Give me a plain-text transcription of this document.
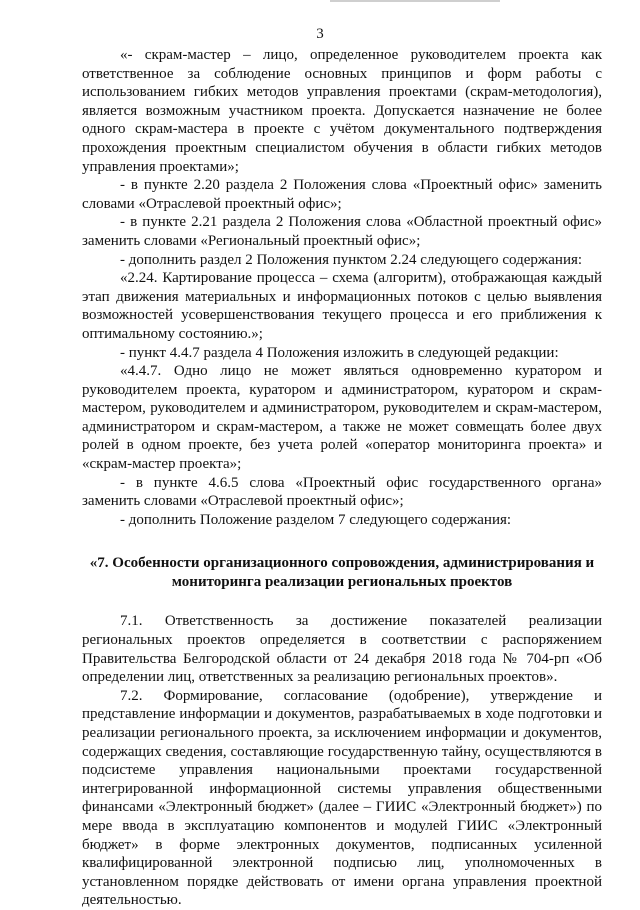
3

«- скрам-мастер – лицо, определенное руководителем проекта как ответственное за соблюдение основных принципов и форм работы с использованием гибких методов управления проектами (скрам-методология), является возможным участником проекта. Допускается назначение не более одного скрам-мастера в проекте с учётом документального подтверждения прохождения проектным специалистом обучения в области гибких методов управления проектами»;

- в пункте 2.20 раздела 2 Положения слова «Проектный офис» заменить словами «Отраслевой проектный офис»;

- в пункте 2.21 раздела 2 Положения слова «Областной проектный офис» заменить словами «Региональный проектный офис»;

- дополнить раздел 2 Положения пунктом 2.24 следующего содержания:

«2.24. Картирование процесса – схема (алгоритм), отображающая каждый этап движения материальных и информационных потоков с целью выявления возможностей усовершенствования текущего процесса и его приближения к оптимальному состоянию.»;

- пункт 4.4.7 раздела 4 Положения изложить в следующей редакции:

«4.4.7. Одно лицо не может являться одновременно куратором и руководителем проекта, куратором и администратором, куратором и скрам-мастером, руководителем и администратором, руководителем и скрам-мастером, администратором и скрам-мастером, а также не может совмещать более двух ролей в одном проекте, без учета ролей «оператор мониторинга проекта» и «скрам-мастер проекта»;

- в пункте 4.6.5 слова «Проектный офис государственного органа» заменить словами «Отраслевой проектный офис»;

- дополнить Положение разделом 7 следующего содержания:

«7. Особенности организационного сопровождения, администрирования и мониторинга реализации региональных проектов

7.1. Ответственность за достижение показателей реализации региональных проектов определяется в соответствии с распоряжением Правительства Белгородской области от 24 декабря 2018 года № 704-рп «Об определении лиц, ответственных за реализацию региональных проектов».

7.2. Формирование, согласование (одобрение), утверждение и представление информации и документов, разрабатываемых в ходе подготовки и реализации регионального проекта, за исключением информации и документов, содержащих сведения, составляющие государственную тайну, осуществляются в подсистеме управления национальными проектами государственной интегрированной информационной системы управления общественными финансами «Электронный бюджет» (далее – ГИИС «Электронный бюджет») по мере ввода в эксплуатацию компонентов и модулей ГИИС «Электронный бюджет» в форме электронных документов, подписанных усиленной квалифицированной электронной подписью лиц, уполномоченных в установленном порядке действовать от имени органа управления проектной деятельностью.
